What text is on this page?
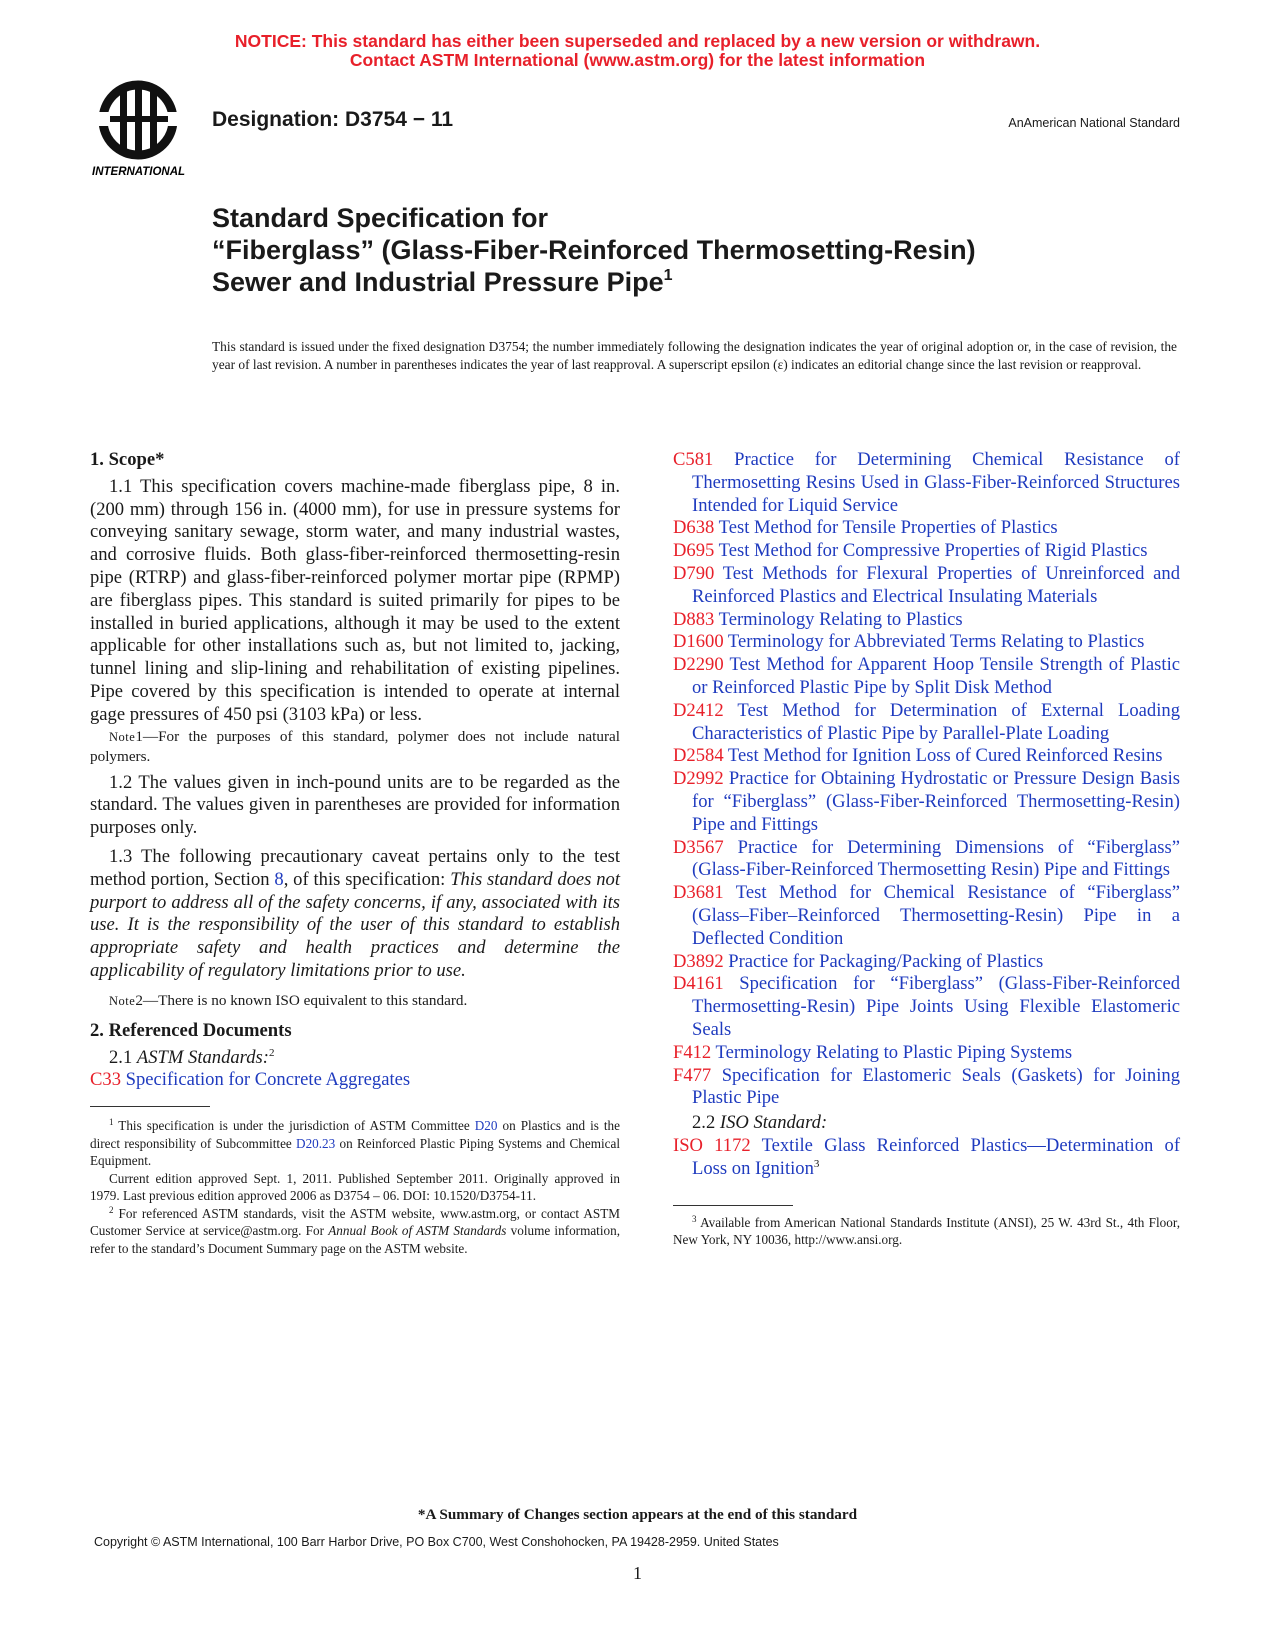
NOTICE: This standard has either been superseded and replaced by a new version or withdrawn.
Contact ASTM International (www.astm.org) for the latest information
INTERNATIONAL
Designation: D3754 − 11	AnAmerican National Standard
Standard Specification for
“Fiberglass” (Glass-Fiber-Reinforced Thermosetting-Resin)
Sewer and Industrial Pressure Pipe$^1$
This standard is issued under the fixed designation D3754; the number immediately following the designation indicates the year of original adoption or, in the case of revision, the year of last revision. A number in parentheses indicates the year of last reapproval. A superscript epsilon (ε) indicates an editorial change since the last revision or reapproval.

1. Scope*

1.1 This specification covers machine-made fiberglass pipe, 8 in. (200 mm) through 156 in. (4000 mm), for use in pressure systems for conveying sanitary sewage, storm water, and many industrial wastes, and corrosive fluids. Both glass-fiber-reinforced thermosetting-resin pipe (RTRP) and glass-fiber-reinforced polymer mortar pipe (RPMP) are fiberglass pipes. This standard is suited primarily for pipes to be installed in buried applications, although it may be used to the extent applicable for other installations such as, but not limited to, jacking, tunnel lining and slip-lining and rehabilitation of existing pipelines. Pipe covered by this specification is intended to operate at internal gage pressures of 450 psi (3103 kPa) or less.

Note1—For the purposes of this standard, polymer does not include natural polymers.

1.2 The values given in inch-pound units are to be regarded as the standard. The values given in parentheses are provided for information purposes only.

1.3 The following precautionary caveat pertains only to the test method portion, Section 8, of this specification: This standard does not purport to address all of the safety concerns, if any, associated with its use. It is the responsibility of the user of this standard to establish appropriate safety and health practices and determine the applicability of regulatory limitations prior to use.

Note2—There is no known ISO equivalent to this standard.

2. Referenced Documents

2.1 ASTM Standards:$^2$

C33 Specification for Concrete Aggregates

$^1$ This specification is under the jurisdiction of ASTM Committee D20 on Plastics and is the direct responsibility of Subcommittee D20.23 on Reinforced Plastic Piping Systems and Chemical Equipment.

Current edition approved Sept. 1, 2011. Published September 2011. Originally approved in 1979. Last previous edition approved 2006 as D3754 – 06. DOI: 10.1520/D3754-11.

$^2$ For referenced ASTM standards, visit the ASTM website, www.astm.org, or contact ASTM Customer Service at service@astm.org. For Annual Book of ASTM Standards volume information, refer to the standard’s Document Summary page on the ASTM website.

C581 Practice for Determining Chemical Resistance of Thermosetting Resins Used in Glass-Fiber-Reinforced Structures Intended for Liquid Service

D638 Test Method for Tensile Properties of Plastics

D695 Test Method for Compressive Properties of Rigid Plastics

D790 Test Methods for Flexural Properties of Unreinforced and Reinforced Plastics and Electrical Insulating Materials

D883 Terminology Relating to Plastics

D1600 Terminology for Abbreviated Terms Relating to Plastics

D2290 Test Method for Apparent Hoop Tensile Strength of Plastic or Reinforced Plastic Pipe by Split Disk Method

D2412 Test Method for Determination of External Loading Characteristics of Plastic Pipe by Parallel-Plate Loading

D2584 Test Method for Ignition Loss of Cured Reinforced Resins

D2992 Practice for Obtaining Hydrostatic or Pressure Design Basis for “Fiberglass” (Glass-Fiber-Reinforced Thermosetting-Resin) Pipe and Fittings

D3567 Practice for Determining Dimensions of “Fiberglass” (Glass-Fiber-Reinforced Thermosetting Resin) Pipe and Fittings

D3681 Test Method for Chemical Resistance of “Fiberglass” (Glass–Fiber–Reinforced Thermosetting-Resin) Pipe in a Deflected Condition

D3892 Practice for Packaging/Packing of Plastics

D4161 Specification for “Fiberglass” (Glass-Fiber-Reinforced Thermosetting-Resin) Pipe Joints Using Flexible Elastomeric Seals

F412 Terminology Relating to Plastic Piping Systems

F477 Specification for Elastomeric Seals (Gaskets) for Joining Plastic Pipe

2.2 ISO Standard:

ISO 1172 Textile Glass Reinforced Plastics—Determination of Loss on Ignition$^3$

$^3$ Available from American National Standards Institute (ANSI), 25 W. 43rd St., 4th Floor, New York, NY 10036, http://www.ansi.org.

*A Summary of Changes section appears at the end of this standard
Copyright © ASTM International, 100 Barr Harbor Drive, PO Box C700, West Conshohocken, PA 19428-2959. United States
1
